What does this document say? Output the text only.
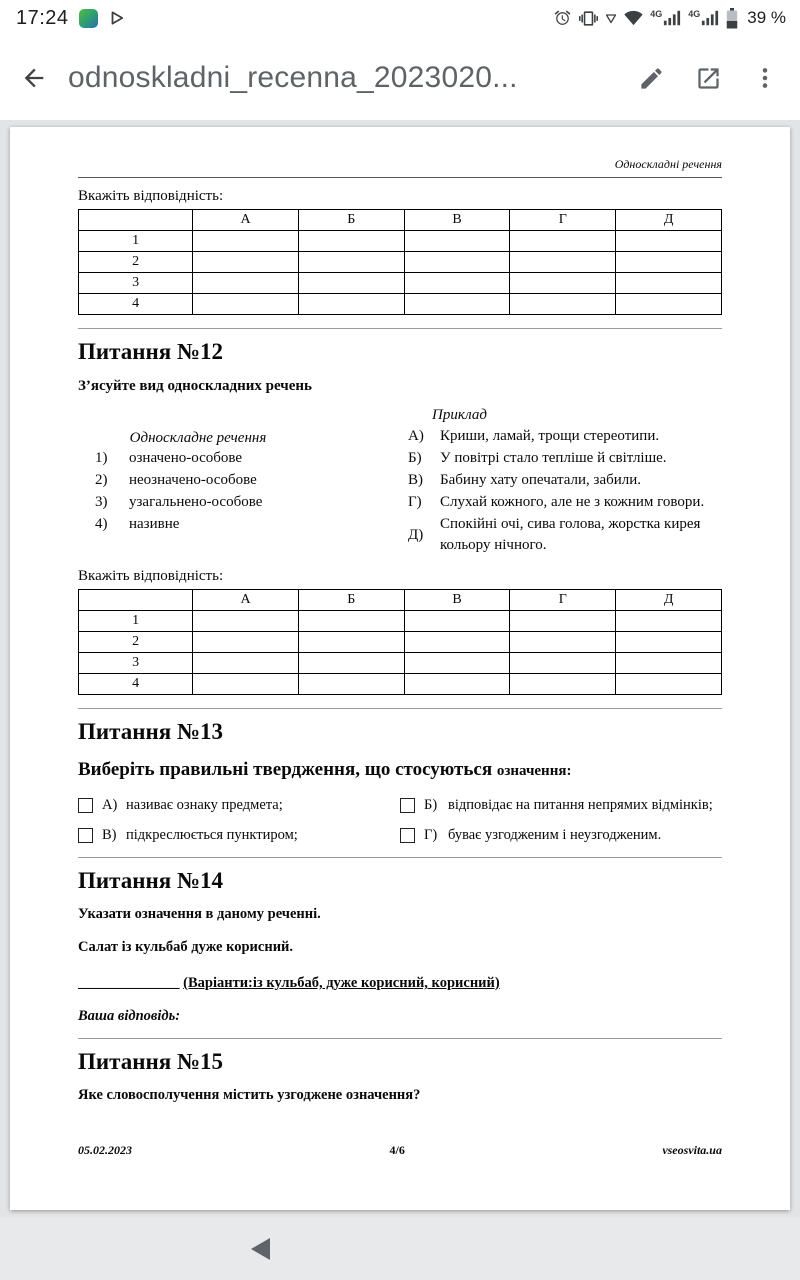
17:24	4G	4G	39 %
odnoskladni_recenna_2023020...
Односкладні речення

Вкажіть відповідність:

	А	Б	В	Г	Д
1					
2					
3					
4					
Питання №12

З’ясуйте вид односкладних речень

Односкладне речення

1)	означено-особове
2)	неозначено-особове
3)	узагальнено-особове
4)	називне

Приклад

А)	Криши, ламай, трощи стереотипи.
Б)	У повітрі стало тепліше й світліше.
В)	Бабину хату опечатали, забили.
Г)	Слухай кожного, але не з кожним говори.
Д)
Спокійні очі, сива голова, жорстка кирея кольору нічного.

Вкажіть відповідність:

	А	Б	В	Г	Д
1					
2					
3					
4					
Питання №13

Виберіть правильні твердження, що стосуються означення:

А) називає ознаку предмета;	Б) відповідає на питання непрямих відмінків;
В) підкреслюється пунктиром;	Г) буває узгодженим і неузгодженим.
Питання №14

Указати означення в даному реченні.

Салат із кульбаб дуже корисний.

______________ (Варіанти:із кульбаб, дуже корисний, корисний)

Ваша відповідь:

Питання №15

Яке словосполучення містить узгоджене означення?

05.02.2023	4/6	vseosvita.ua
